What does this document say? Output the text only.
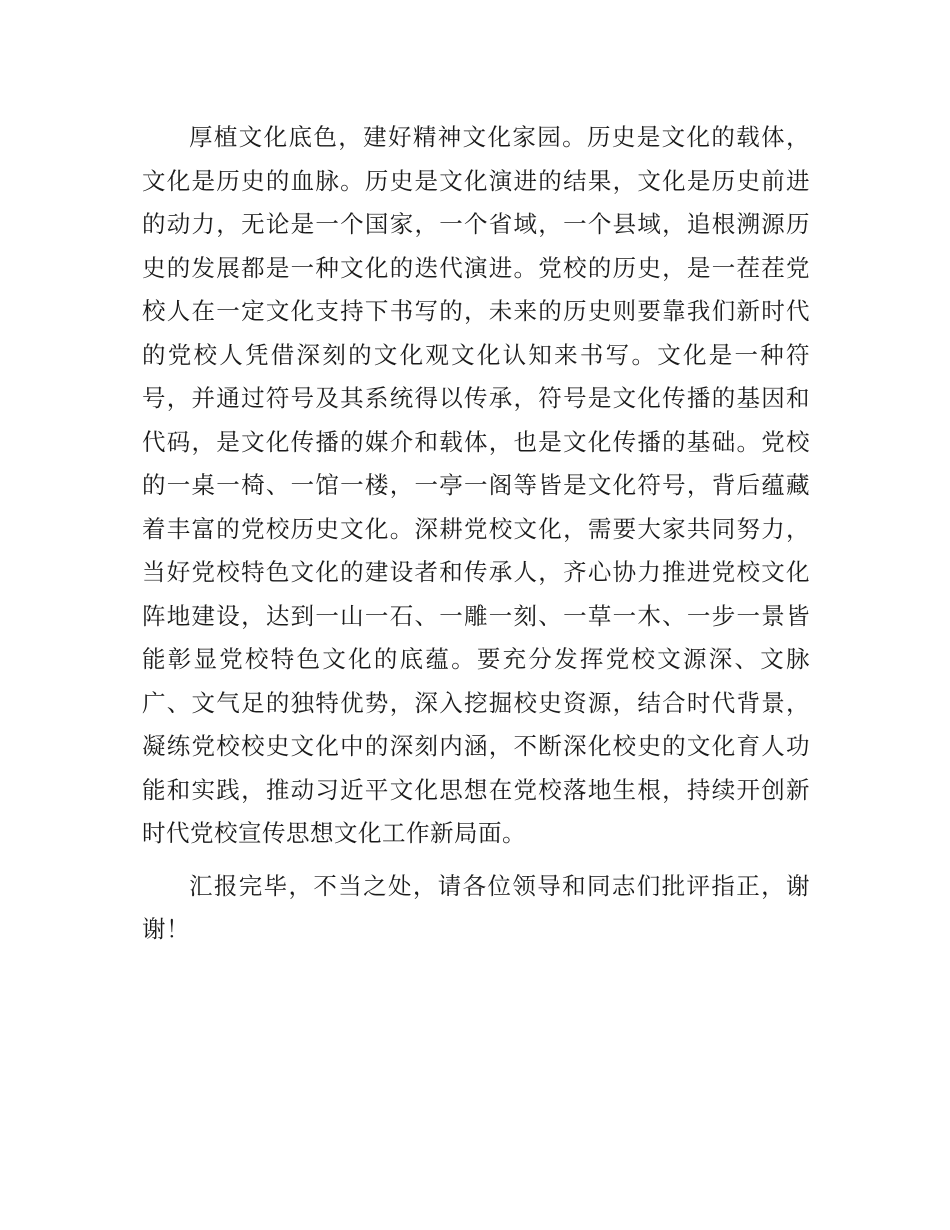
厚植文化底色，建好精神文化家园。历史是文化的载体，文化是历史的血脉。历史是文化演进的结果，文化是历史前进的动力，无论是一个国家，一个省域，一个县域，追根溯源历史的发展都是一种文化的迭代演进。党校的历史，是一茬茬党校人在一定文化支持下书写的，未来的历史则要靠我们新时代的党校人凭借深刻的文化观文化认知来书写。文化是一种符号，并通过符号及其系统得以传承，符号是文化传播的基因和代码，是文化传播的媒介和载体，也是文化传播的基础。党校的一桌一椅、一馆一楼，一亭一阁等皆是文化符号，背后蕴藏着丰富的党校历史文化。深耕党校文化，需要大家共同努力，当好党校特色文化的建设者和传承人，齐心协力推进党校文化阵地建设，达到一山一石、一雕一刻、一草一木、一步一景皆能彰显党校特色文化的底蕴。要充分发挥党校文源深、文脉广、文气足的独特优势，深入挖掘校史资源，结合时代背景，凝练党校校史文化中的深刻内涵，不断深化校史的文化育人功能和实践，推动习近平文化思想在党校落地生根，持续开创新时代党校宣传思想文化工作新局面。

汇报完毕，不当之处，请各位领导和同志们批评指正，谢谢！
